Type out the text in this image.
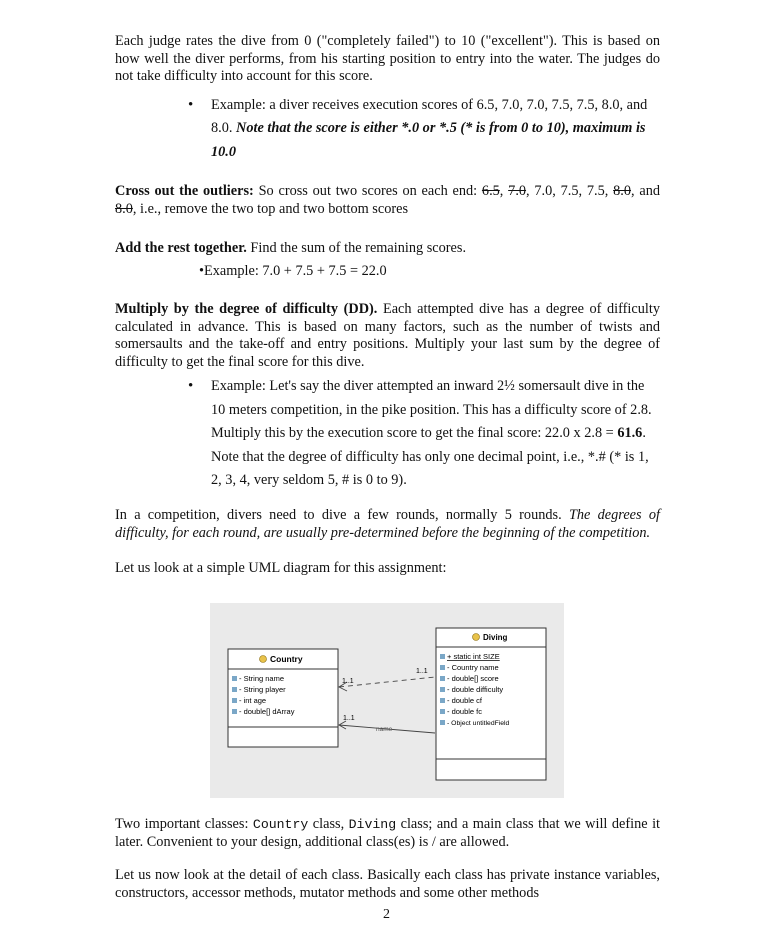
Each judge rates the dive from 0 ("completely failed") to 10 ("excellent"). This is based on how well the diver performs, from his starting position to entry into the water. The judges do not take difficulty into account for this score.

• Example: a diver receives execution scores of 6.5, 7.0, 7.0, 7.5, 7.5, 8.0, and 8.0. Note that the score is either *.0 or *.5 (* is from 0 to 10), maximum is 10.0

Cross out the outliers: So cross out two scores on each end: 6.5, 7.0, 7.0, 7.5, 7.5, 8.0, and 8.0, i.e., remove the two top and two bottom scores

Add the rest together. Find the sum of the remaining scores.

•Example: 7.0 + 7.5 + 7.5 = 22.0

Multiply by the degree of difficulty (DD). Each attempted dive has a degree of difficulty calculated in advance. This is based on many factors, such as the number of twists and somersaults and the take-off and entry positions. Multiply your last sum by the degree of difficulty to get the final score for this dive.

• Example: Let's say the diver attempted an inward 2½ somersault dive in the 10 meters competition, in the pike position. This has a difficulty score of 2.8. Multiply this by the execution score to get the final score: 22.0 x 2.8 = 61.6. Note that the degree of difficulty has only one decimal point, i.e., *.# (* is 1, 2, 3, 4, very seldom 5, # is 0 to 9).

In a competition, divers need to dive a few rounds, normally 5 rounds. The degrees of difficulty, for each round, are usually pre-determined before the beginning of the competition.

Let us look at a simple UML diagram for this assignment:

Country
- String name
- String player
- int age
- double[] dArray
Diving
+ static int SIZE
- Country name
- double[] score
- double difficulty
- double cf
- double fc
- Object untitledField
1..1
1..1
1..1
name

Two important classes: Country class, Diving class; and a main class that we will define it later. Convenient to your design, additional class(es) is / are allowed.

Let us now look at the detail of each class. Basically each class has private instance variables, constructors, accessor methods, mutator methods and some other methods

2
